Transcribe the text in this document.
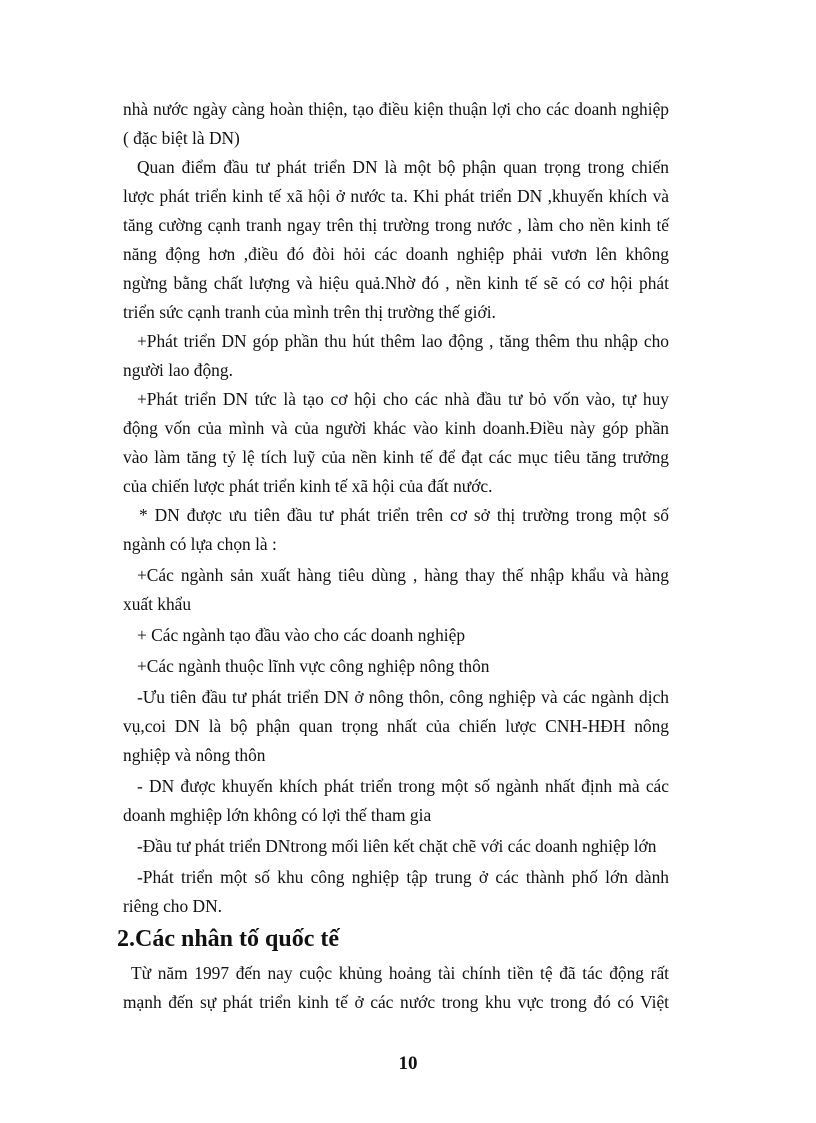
nhà nước ngày càng hoàn thiện, tạo điều kiện thuận lợi cho các doanh nghiệp
( đặc biệt là DN)
Quan điểm đầu tư phát triển DN là một bộ phận quan trọng trong chiến
lược phát triển kinh tế xã hội ở nước ta. Khi phát triển DN ,khuyến khích và
tăng cường cạnh tranh ngay trên thị trường trong nước , làm cho nền kinh tế
năng động hơn ,điều đó đòi hỏi các doanh nghiệp phải vươn lên không
ngừng bằng chất lượng và hiệu quả.Nhờ đó , nền kinh tế sẽ có cơ hội phát
triển sức cạnh tranh của mình trên thị trường thế giới.
+Phát triển DN góp phần thu hút thêm lao động , tăng thêm thu nhập cho
người lao động.
+Phát triển DN tức là tạo cơ hội cho các nhà đầu tư bỏ vốn vào, tự huy
động vốn của mình và của người khác vào kinh doanh.Điều này góp phần
vào làm tăng tỷ lệ tích luỹ của nền kinh tế để đạt các mục tiêu tăng trưởng
của chiến lược phát triển kinh tế xã hội của đất nước.
* DN được ưu tiên đầu tư phát triển trên cơ sở thị trường trong một số
ngành có lựa chọn là :
+Các ngành sản xuất hàng tiêu dùng , hàng thay thế nhập khẩu và hàng
xuất khẩu
+ Các ngành tạo đầu vào cho các doanh nghiệp
+Các ngành thuộc lĩnh vực công nghiệp nông thôn
-Ưu tiên đầu tư phát triển DN ở nông thôn, công nghiệp và các ngành dịch
vụ,coi DN là bộ phận quan trọng nhất của chiến lược CNH-HĐH nông
nghiệp và nông thôn
- DN được khuyến khích phát triển trong một số ngành nhất định mà các
doanh mghiệp lớn không có lợi thế tham gia
-Đầu tư phát triển DNtrong mối liên kết chặt chẽ với các doanh nghiệp lớn
-Phát triển một số khu công nghiệp tập trung ở các thành phố lớn dành
riêng cho DN.
2.Các nhân tố quốc tế
Từ năm 1997 đến nay cuộc khủng hoảng tài chính tiền tệ đã tác động rất
mạnh đến sự phát triển kinh tế ở các nước trong khu vực trong đó có Việt
10
